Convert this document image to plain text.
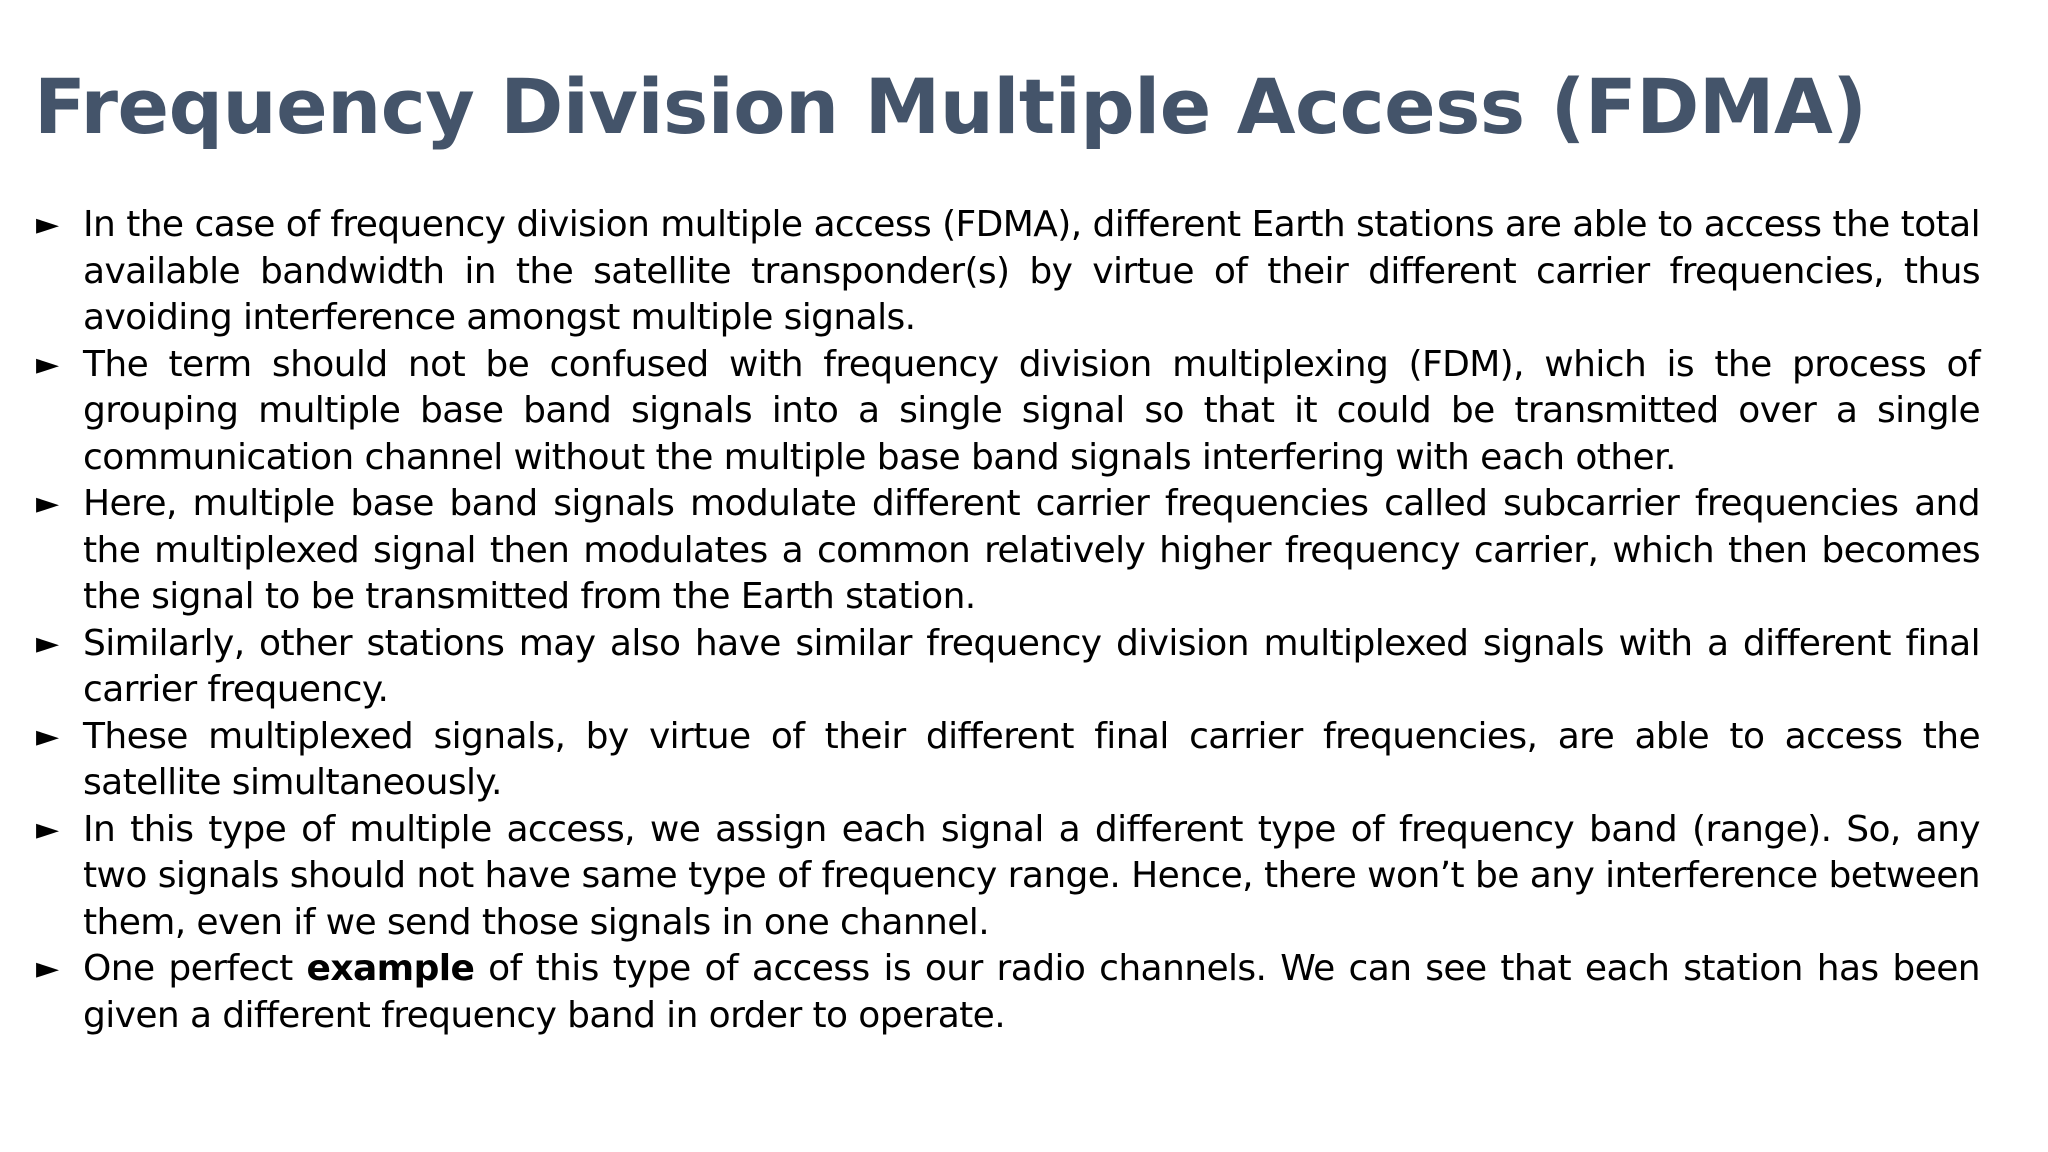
Frequency Division Multiple Access (FDMA)
► In the case of frequency division multiple access (FDMA), different Earth stations are able to access the total available bandwidth in the satellite transponder(s) by virtue of their different carrier frequencies, thus avoiding interference amongst multiple signals.
► The term should not be confused with frequency division multiplexing (FDM), which is the process of grouping multiple base band signals into a single signal so that it could be transmitted over a single communication channel without the multiple base band signals interfering with each other.
► Here, multiple base band signals modulate different carrier frequencies called subcarrier frequencies and the multiplexed signal then modulates a common relatively higher frequency carrier, which then becomes the signal to be transmitted from the Earth station.
► Similarly, other stations may also have similar frequency division multiplexed signals with a different final carrier frequency.
► These multiplexed signals, by virtue of their different final carrier frequencies, are able to access the satellite simultaneously.
► In this type of multiple access, we assign each signal a different type of frequency band (range). So, any two signals should not have same type of frequency range. Hence, there won’t be any interference between them, even if we send those signals in one channel.
► One perfect example of this type of access is our radio channels. We can see that each station has been given a different frequency band in order to operate.
